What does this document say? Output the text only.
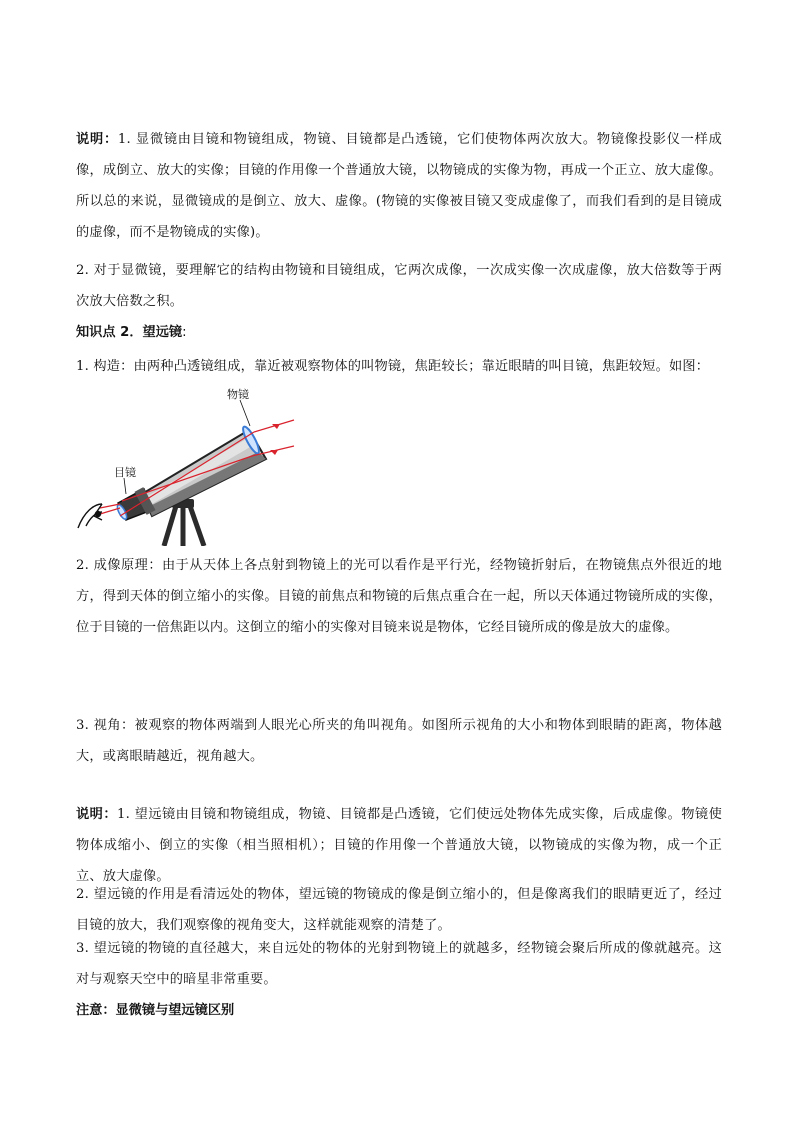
说明：1. 显微镜由目镜和物镜组成，物镜、目镜都是凸透镜，它们使物体两次放大。物镜像投影仪一样成像，成倒立、放大的实像；目镜的作用像一个普通放大镜，以物镜成的实像为物，再成一个正立、放大虚像。所以总的来说，显微镜成的是倒立、放大、虚像。(物镜的实像被目镜又变成虚像了，而我们看到的是目镜成的虚像，而不是物镜成的实像)。

2. 对于显微镜，要理解它的结构由物镜和目镜组成，它两次成像，一次成实像一次成虚像，放大倍数等于两次放大倍数之积。

知识点 2．望远镜:

1. 构造：由两种凸透镜组成，靠近被观察物体的叫物镜，焦距较长；靠近眼睛的叫目镜，焦距较短。如图：

物镜
目镜

2. 成像原理：由于从天体上各点射到物镜上的光可以看作是平行光，经物镜折射后，在物镜焦点外很近的地方，得到天体的倒立缩小的实像。目镜的前焦点和物镜的后焦点重合在一起，所以天体通过物镜所成的实像，位于目镜的一倍焦距以内。这倒立的缩小的实像对目镜来说是物体，它经目镜所成的像是放大的虚像。

3. 视角：被观察的物体两端到人眼光心所夹的角叫视角。如图所示视角的大小和物体到眼睛的距离，物体越大，或离眼睛越近，视角越大。

说明：1. 望远镜由目镜和物镜组成，物镜、目镜都是凸透镜，它们使远处物体先成实像，后成虚像。物镜使物体成缩小、倒立的实像（相当照相机）；目镜的作用像一个普通放大镜，以物镜成的实像为物，成一个正立、放大虚像。

2. 望远镜的作用是看清远处的物体，望远镜的物镜成的像是倒立缩小的，但是像离我们的眼睛更近了，经过目镜的放大，我们观察像的视角变大，这样就能观察的清楚了。

3. 望远镜的物镜的直径越大，来自远处的物体的光射到物镜上的就越多，经物镜会聚后所成的像就越亮。这对与观察天空中的暗星非常重要。

注意：显微镜与望远镜区别
